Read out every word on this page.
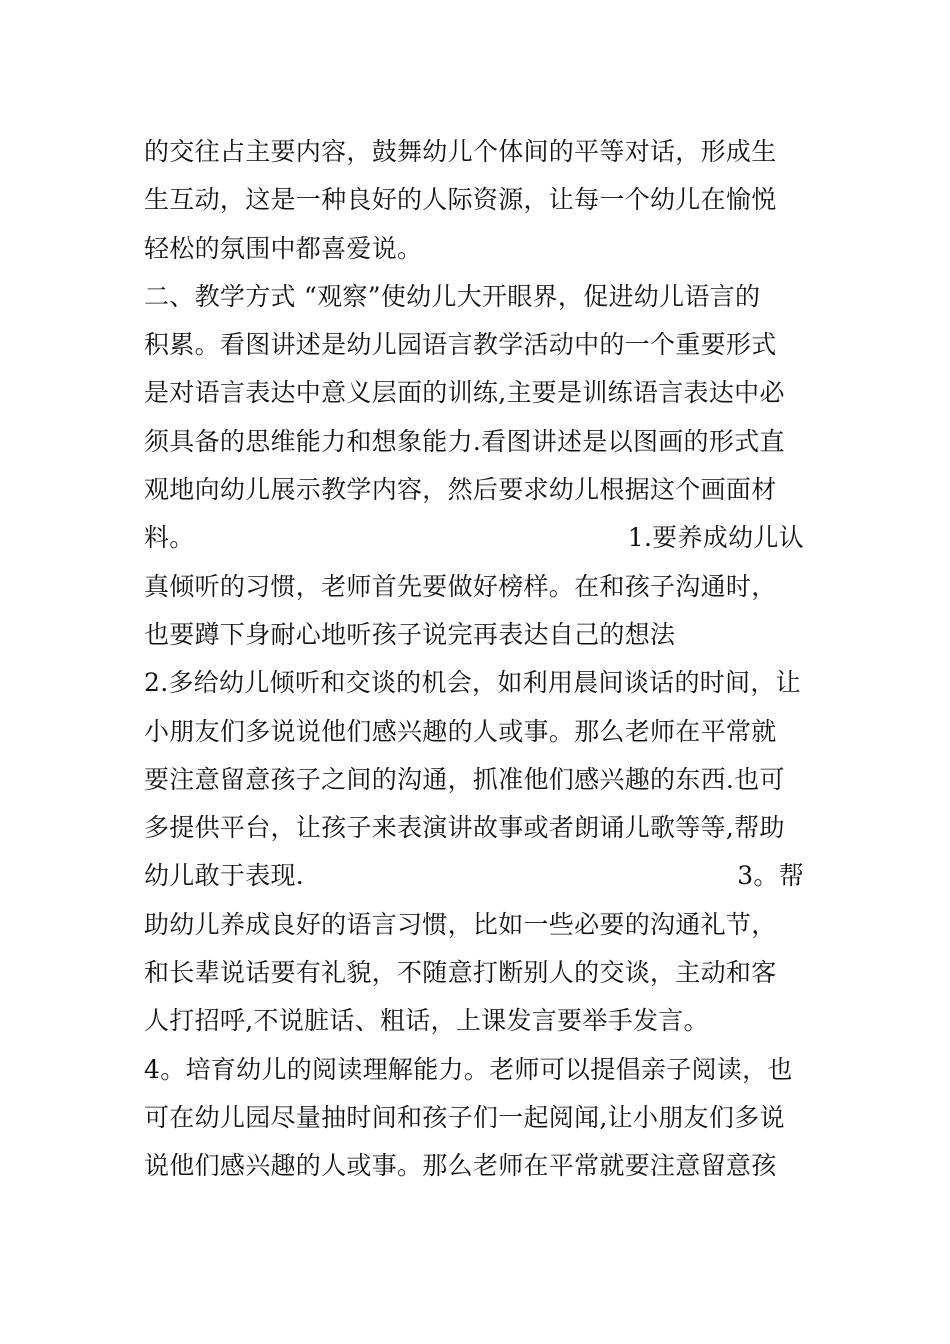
的交往占主要内容，鼓舞幼儿个体间的平等对话，形成生
生互动，这是一种良好的人际资源，让每一个幼儿在愉悦
轻松的氛围中都喜爱说。
二、教学方式 “观察”使幼儿大开眼界，促进幼儿语言的
积累。看图讲述是幼儿园语言教学活动中的一个重要形式
是对语言表达中意义层面的训练,主要是训练语言表达中必
须具备的思维能力和想象能力.看图讲述是以图画的形式直
观地向幼儿展示教学内容，然后要求幼儿根据这个画面材
料。	1.要养成幼儿认
真倾听的习惯，老师首先要做好榜样。在和孩子沟通时，
也要蹲下身耐心地听孩子说完再表达自己的想法
2.多给幼儿倾听和交谈的机会，如利用晨间谈话的时间，让
小朋友们多说说他们感兴趣的人或事。那么老师在平常就
要注意留意孩子之间的沟通，抓准他们感兴趣的东西.也可
多提供平台，让孩子来表演讲故事或者朗诵儿歌等等,帮助
幼儿敢于表现.	3。帮
助幼儿养成良好的语言习惯，比如一些必要的沟通礼节，
和长辈说话要有礼貌，不随意打断别人的交谈，主动和客
人打招呼,不说脏话、粗话，上课发言要举手发言。
4。培育幼儿的阅读理解能力。老师可以提倡亲子阅读，也
可在幼儿园尽量抽时间和孩子们一起阅闻,让小朋友们多说
说他们感兴趣的人或事。那么老师在平常就要注意留意孩
